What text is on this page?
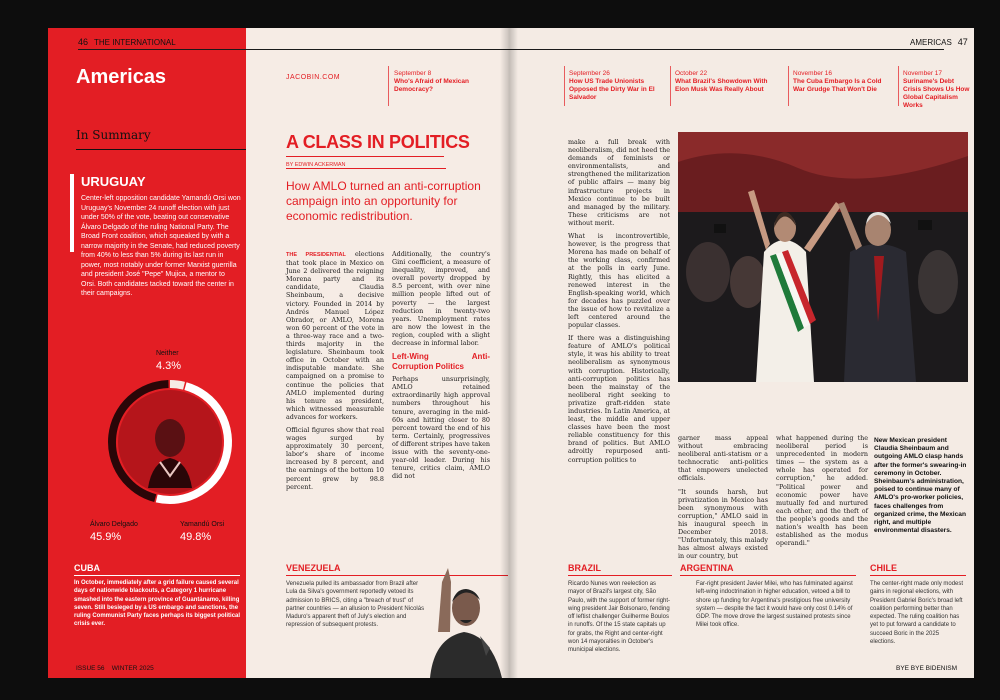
46 THE INTERNATIONAL
Americas	JACOBIN.COM
September 8
Who's Afraid of Mexican Democracy?
In Summary
URUGUAY
Center-left opposition candidate Yamandú Orsi won Uruguay's November 24 runoff election with just under 50% of the vote, beating out conservative Álvaro Delgado of the ruling National Party. The Broad Front coalition, which squeaked by with a narrow majority in the Senate, had reduced poverty from 40% to less than 5% during its last run in power, most notably under former Marxist guerrilla and president José "Pepe" Mujica, a mentor to Orsi. Both candidates tacked toward the center in their campaigns.
Neither
4.3%
Álvaro Delgado
45.9%
Yamandú Orsi
49.8%
A CLASS IN POLITICS
BY EDWIN ACKERMAN
How AMLO turned an anti-corruption campaign into an opportunity for economic redistribution.

THE PRESIDENTIAL elections that took place in Mexico on June 2 delivered the reigning Morena party and its candidate, Claudia Sheinbaum, a decisive victory. Founded in 2014 by Andrés Manuel López Obrador, or AMLO, Morena won 60 percent of the vote in a three-way race and a two-thirds majority in the legislature. Sheinbaum took office in October with an indisputable mandate. She campaigned on a promise to continue the policies that AMLO implemented during his tenure as president, which witnessed measurable advances for workers.

Official figures show that real wages surged by approximately 30 percent, labor's share of income increased by 8 percent, and the earnings of the bottom 10 percent grew by 98.8 percent.

Additionally, the country's Gini coefficient, a measure of inequality, improved, and overall poverty dropped by 8.5 percent, with over nine million people lifted out of poverty — the largest reduction in twenty-two years. Unemployment rates are now the lowest in the region, coupled with a slight decrease in informal labor.

Left-Wing Anti-Corruption Politics

Perhaps unsurprisingly, AMLO retained extraordinarily high approval numbers throughout his tenure, averaging in the mid-60s and hitting closer to 80 percent toward the end of his term. Certainly, progressives of different stripes have taken issue with the seventy-one-year-old leader. During his tenure, critics claim, AMLO did not

CUBA
In October, immediately after a grid failure caused several days of nationwide blackouts, a Category 1 hurricane smashed into the eastern province of Guantánamo, killing seven. Still besieged by a US embargo and sanctions, the ruling Communist Party faces perhaps its biggest political crisis ever.
VENEZUELA
Venezuela pulled its ambassador from Brazil after Lula da Silva's government reportedly vetoed its admission to BRICS, citing a "breach of trust" of partner countries — an allusion to President Nicolás Maduro's apparent theft of July's election and repression of subsequent protests.
ISSUE 56 WINTER 2025
AMERICAS 47
September 26
How US Trade Unionists Opposed the Dirty War in El Salvador
October 22
What Brazil's Showdown With Elon Musk Was Really About
November 16
The Cuba Embargo Is a Cold War Grudge That Won't Die
November 17
Suriname's Debt Crisis Shows Us How Global Capitalism Works

make a full break with neoliberalism, did not heed the demands of feminists or environmentalists, and strengthened the militarization of public affairs — many big infrastructure projects in Mexico continue to be built and managed by the military. These criticisms are not without merit.

What is incontrovertible, however, is the progress that Morena has made on behalf of the working class, confirmed at the polls in early June. Rightly, this has elicited a renewed interest in the English-speaking world, which for decades has puzzled over the issue of how to revitalize a left centered around the popular classes.

If there was a distinguishing feature of AMLO's political style, it was his ability to treat neoliberalism as synonymous with corruption. Historically, anti-corruption politics has been the mainstay of the neoliberal right seeking to privatize graft-ridden state industries. In Latin America, at least, the middle and upper classes have been the most reliable constituency for this brand of politics. But AMLO adroitly repurposed anti-corruption politics to

garner mass appeal without embracing neoliberal anti-statism or a technocratic anti-politics that empowers unelected officials.

"It sounds harsh, but privatization in Mexico has been synonymous with corruption," AMLO said in his inaugural speech in December 2018. "Unfortunately, this malady has almost always existed in our country, but

what happened during the neoliberal period is unprecedented in modern times — the system as a whole has operated for corruption," he added. "Political power and economic power have mutually fed and nurtured each other, and the theft of the people's goods and the nation's wealth has been established as the modus operandi."

New Mexican president Claudia Sheinbaum and outgoing AMLO clasp hands after the former's swearing-in ceremony in October. Sheinbaum's administration, poised to continue many of AMLO's pro-worker policies, faces challenges from organized crime, the Mexican right, and multiple environmental disasters.
BRAZIL
Ricardo Nunes won reelection as mayor of Brazil's largest city, São Paulo, with the support of former right-wing president Jair Bolsonaro, fending off leftist challenger Guilherme Boulos in runoffs. Of the 15 state capitals up for grabs, the Right and center-right won 14 mayoralties in October's municipal elections.
ARGENTINA
Far-right president Javier Milei, who has fulminated against left-wing indoctrination in higher education, vetoed a bill to shore up funding for Argentina's prestigious free university system — despite the fact it would have only cost 0.14% of GDP. The move drove the largest sustained protests since Milei took office.
CHILE
The center-right made only modest gains in regional elections, with President Gabriel Boric's broad left coalition performing better than expected. The ruling coalition has yet to put forward a candidate to succeed Boric in the 2025 elections.
BYE BYE BIDENISM
